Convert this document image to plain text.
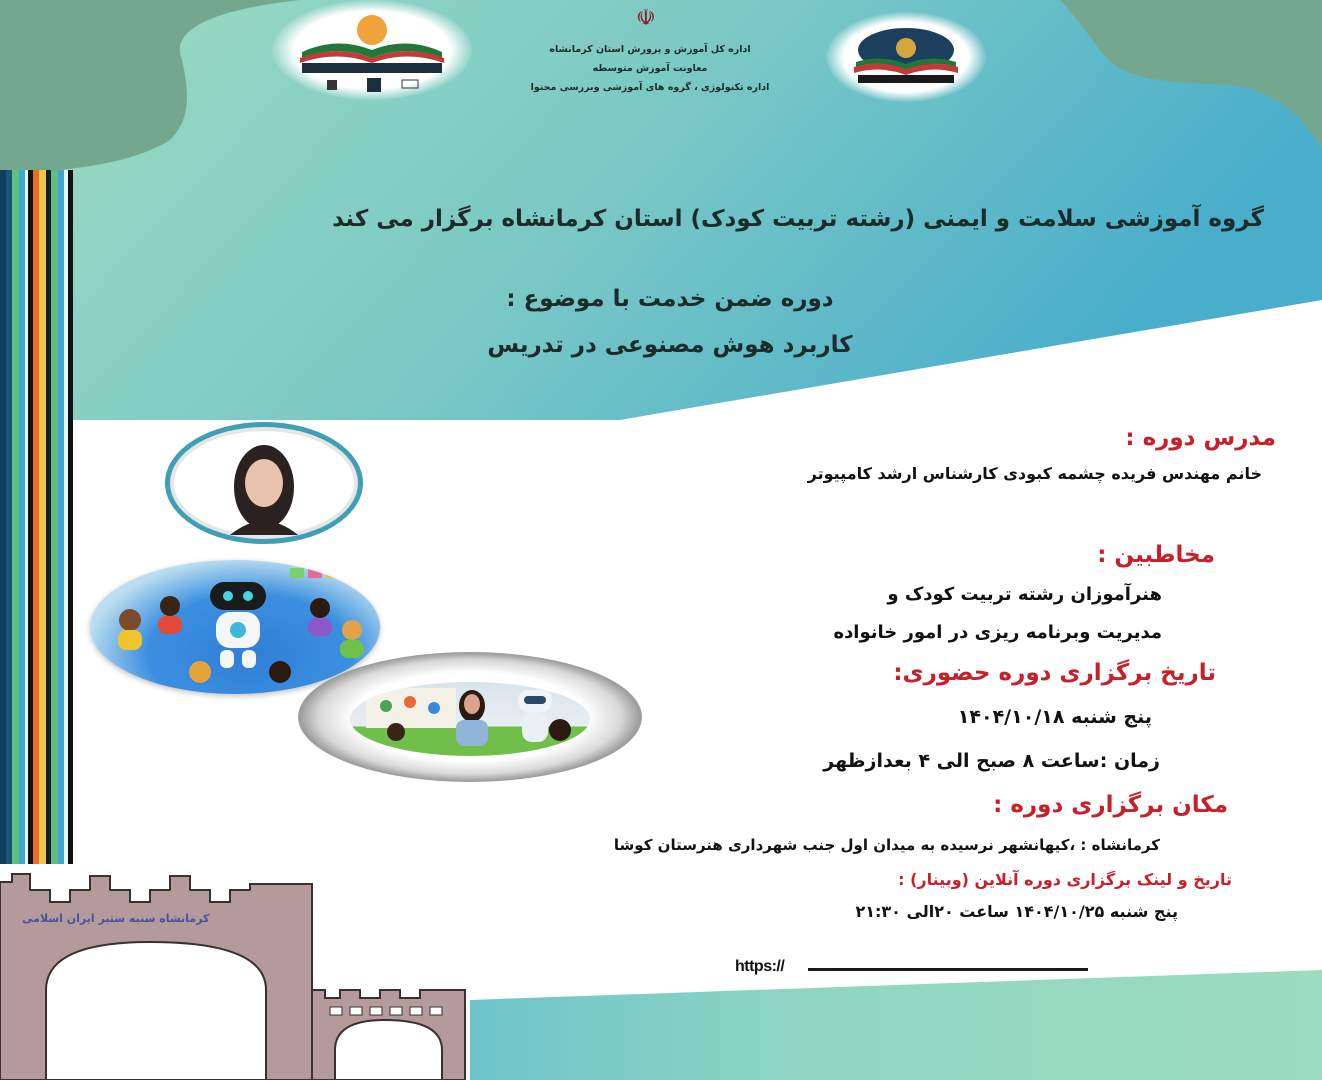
☫
اداره کل آموزش و پرورش استان کرمانشاه
معاونت آموزش متوسطه
اداره تکنولوژی ، گروه های آموزشی وبررسی محتوا
گروه آموزشی سلامت و ایمنی (رشته تربیت کودک) استان کرمانشاه برگزار می کند
دوره ضمن خدمت با موضوع :
کاربرد هوش مصنوعی در تدریس
مدرس دوره :
خانم مهندس فریده چشمه کبودی کارشناس ارشد کامپیوتر
مخاطبین :
هنرآموزان رشته تربیت کودک و
مدیریت وبرنامه ریزی در امور خانواده
تاریخ برگزاری دوره حضوری:
پنج شنبه ۱۴۰۴/۱۰/۱۸
زمان :ساعت ۸ صبح الی ۴ بعدازظهر
مکان برگزاری دوره :
کرمانشاه : ،کیهانشهر نرسیده به میدان اول جنب شهرداری هنرستان کوشا
تاریخ و لینک برگزاری دوره آنلاین (وبینار) :
پنج شنبه ۱۴۰۴/۱۰/۲۵ ساعت ۲۰الی ۲۱:۳۰
https://
کرمانشاه سنبه ستبر ایران اسلامی
